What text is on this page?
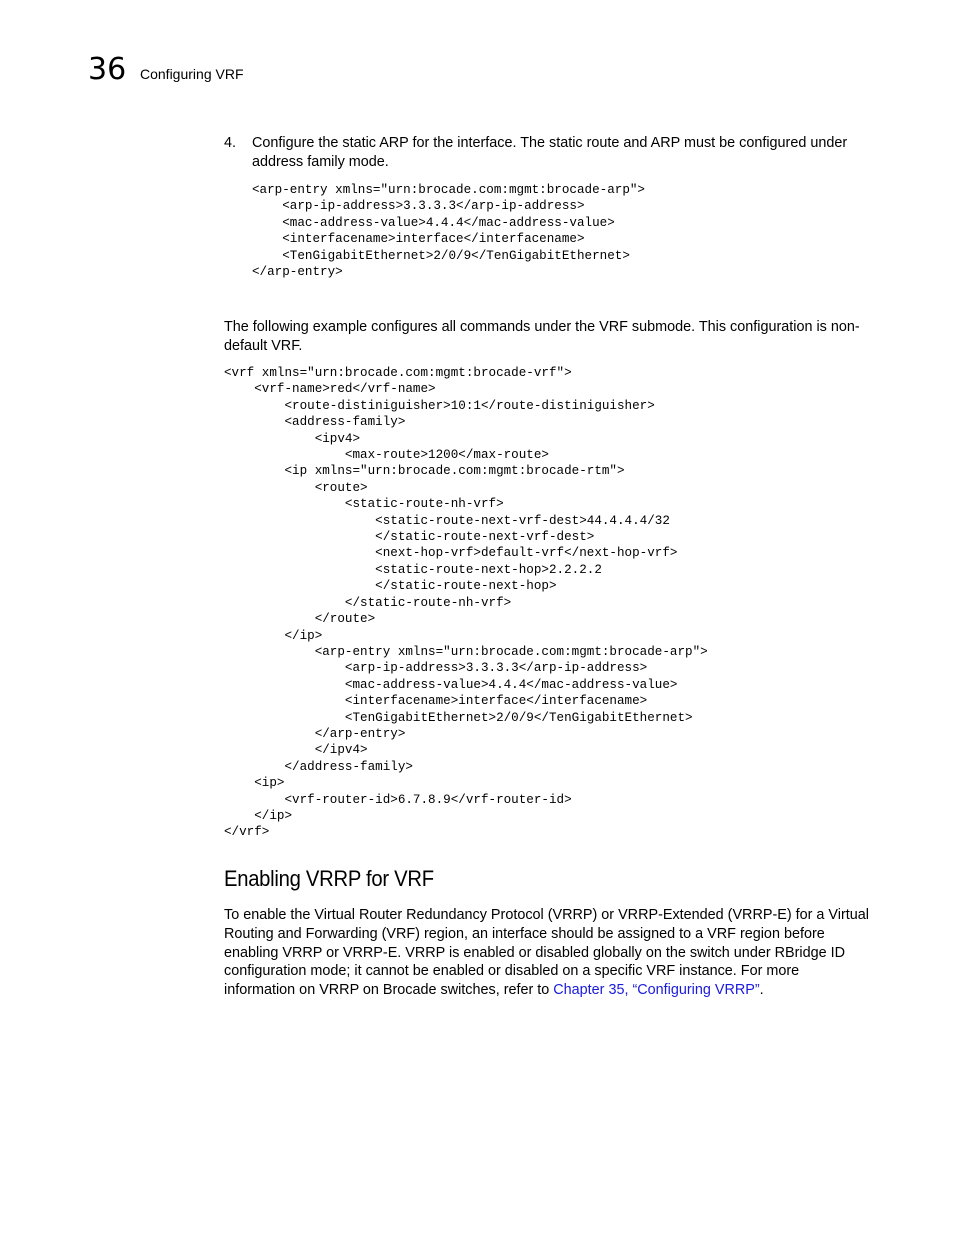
36 Configuring VRF
4. Configure the static ARP for the interface. The static route and ARP must be configured under address family mode.
<arp-entry xmlns="urn:brocade.com:mgmt:brocade-arp">
<arp-ip-address>3.3.3.3</arp-ip-address>
<mac-address-value>4.4.4</mac-address-value>
<interfacename>interface</interfacename>
<TenGigabitEthernet>2/0/9</TenGigabitEthernet>
</arp-entry>

The following example configures all commands under the VRF submode. This configuration is non-default VRF.

<vrf xmlns="urn:brocade.com:mgmt:brocade-vrf">
<vrf-name>red</vrf-name>
<route-distiniguisher>10:1</route-distiniguisher>
<address-family>
<ipv4>
<max-route>1200</max-route>
<ip xmlns="urn:brocade.com:mgmt:brocade-rtm">
<route>
<static-route-nh-vrf>
<static-route-next-vrf-dest>44.4.4.4/32
</static-route-next-vrf-dest>
<next-hop-vrf>default-vrf</next-hop-vrf>
<static-route-next-hop>2.2.2.2
</static-route-next-hop>
</static-route-nh-vrf>
</route>
</ip>
<arp-entry xmlns="urn:brocade.com:mgmt:brocade-arp">
<arp-ip-address>3.3.3.3</arp-ip-address>
<mac-address-value>4.4.4</mac-address-value>
<interfacename>interface</interfacename>
<TenGigabitEthernet>2/0/9</TenGigabitEthernet>
</arp-entry>
</ipv4>
</address-family>
<ip>
<vrf-router-id>6.7.8.9</vrf-router-id>
</ip>
</vrf>
Enabling VRRP for VRF

To enable the Virtual Router Redundancy Protocol (VRRP) or VRRP-Extended (VRRP-E) for a Virtual Routing and Forwarding (VRF) region, an interface should be assigned to a VRF region before enabling VRRP or VRRP-E. VRRP is enabled or disabled globally on the switch under RBridge ID configuration mode; it cannot be enabled or disabled on a specific VRF instance. For more information on VRRP on Brocade switches, refer to Chapter 35, “Configuring VRRP”.
